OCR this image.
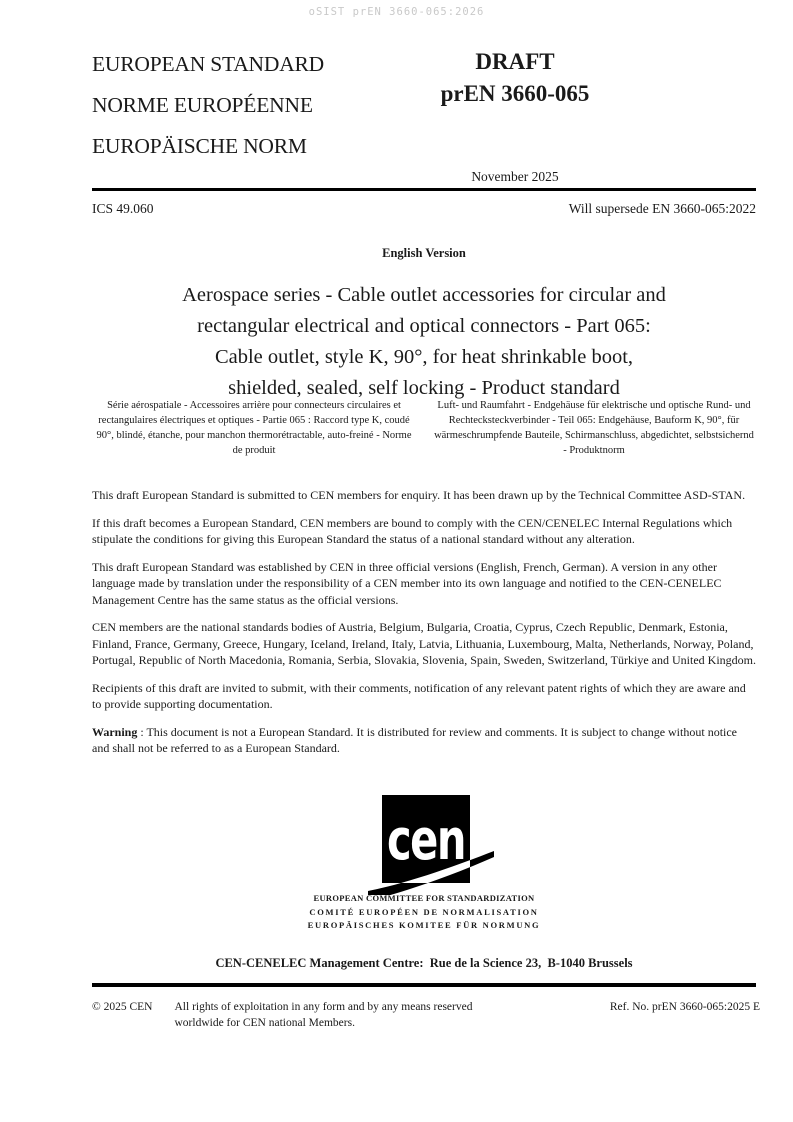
oSIST prEN 3660-065:2026
EUROPEAN STANDARD
NORME EUROPÉENNE
EUROPÄISCHE NORM
DRAFT
prEN 3660-065
November 2025
ICS 49.060	Will supersede EN 3660-065:2022
English Version
Aerospace series - Cable outlet accessories for circular and
rectangular electrical and optical connectors - Part 065:
Cable outlet, style K, 90°, for heat shrinkable boot,
shielded, sealed, self locking - Product standard
Série aérospatiale - Accessoires arrière pour connecteurs circulaires et rectangulaires électriques et optiques - Partie 065 : Raccord type K, coudé 90°, blindé, étanche, pour manchon thermorétractable, auto-freiné - Norme de produit
Luft- und Raumfahrt - Endgehäuse für elektrische und optische Rund- und Rechtecksteckverbinder - Teil 065: Endgehäuse, Bauform K, 90°, für wärmeschrumpfende Bauteile, Schirmanschluss, abgedichtet, selbstsichernd - Produktnorm

This draft European Standard is submitted to CEN members for enquiry. It has been drawn up by the Technical Committee ASD-STAN.

If this draft becomes a European Standard, CEN members are bound to comply with the CEN/CENELEC Internal Regulations which stipulate the conditions for giving this European Standard the status of a national standard without any alteration.

This draft European Standard was established by CEN in three official versions (English, French, German). A version in any other language made by translation under the responsibility of a CEN member into its own language and notified to the CEN-CENELEC Management Centre has the same status as the official versions.

CEN members are the national standards bodies of Austria, Belgium, Bulgaria, Croatia, Cyprus, Czech Republic, Denmark, Estonia, Finland, France, Germany, Greece, Hungary, Iceland, Ireland, Italy, Latvia, Lithuania, Luxembourg, Malta, Netherlands, Norway, Poland, Portugal, Republic of North Macedonia, Romania, Serbia, Slovakia, Slovenia, Spain, Sweden, Switzerland, Türkiye and United Kingdom.

Recipients of this draft are invited to submit, with their comments, notification of any relevant patent rights of which they are aware and to provide supporting documentation.

Warning : This document is not a European Standard. It is distributed for review and comments. It is subject to change without notice and shall not be referred to as a European Standard.

cen
EUROPEAN COMMITTEE FOR STANDARDIZATION
COMITÉ EUROPÉEN DE NORMALISATION
EUROPÄISCHES KOMITEE FÜR NORMUNG
CEN-CENELEC Management Centre:  Rue de la Science 23,  B-1040 Brussels
© 2025 CEN All rights of exploitation in any form and by any means reserved
worldwide for CEN national Members.
Ref. No. prEN 3660-065:2025 E
